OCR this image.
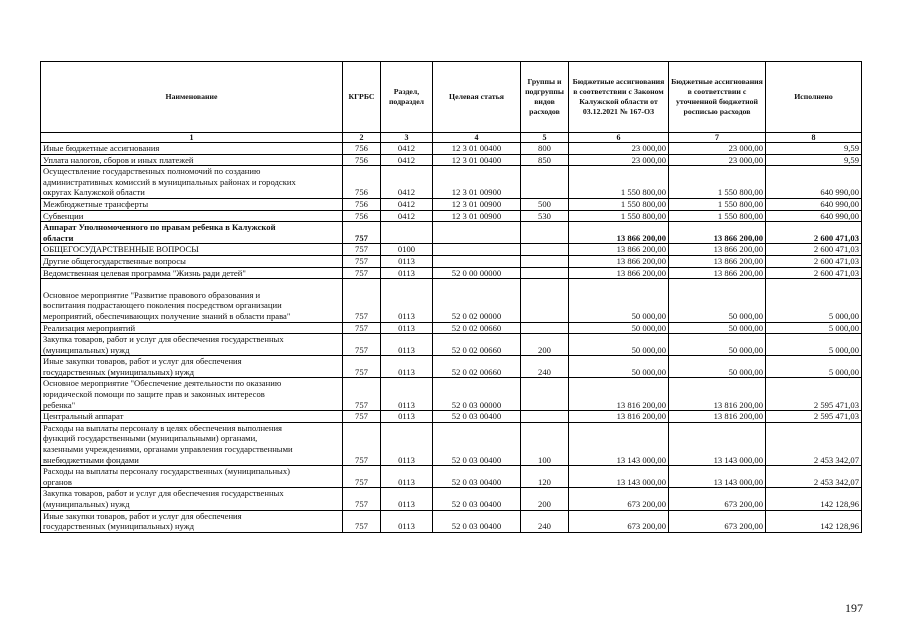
Наименование	КГРБС	Раздел, подраздел	Целевая статья	Группы и подгруппы видов расходов	Бюджетные ассигнования в соответствии с Законом Калужской области от 03.12.2021 № 167-ОЗ	Бюджетные ассигнования в соответствии с уточненной бюджетной росписью расходов	Исполнено
1	2	3	4	5	6	7	8
Иные бюджетные ассигнования	756	0412	12 3 01 00400	800	23 000,00	23 000,00	9,59
Уплата налогов, сборов и иных платежей	756	0412	12 3 01 00400	850	23 000,00	23 000,00	9,59
Осуществление государственных полномочий по созданию
административных комиссий в муниципальных районах и городских
округах Калужской области	756	0412	12 3 01 00900		1 550 800,00	1 550 800,00	640 990,00
Межбюджетные трансферты	756	0412	12 3 01 00900	500	1 550 800,00	1 550 800,00	640 990,00
Субвенции	756	0412	12 3 01 00900	530	1 550 800,00	1 550 800,00	640 990,00
Аппарат Уполномоченного по правам ребенка в Калужской
области	757				13 866 200,00	13 866 200,00	2 600 471,03
ОБЩЕГОСУДАРСТВЕННЫЕ ВОПРОСЫ	757	0100			13 866 200,00	13 866 200,00	2 600 471,03
Другие общегосударственные вопросы	757	0113			13 866 200,00	13 866 200,00	2 600 471,03
Ведомственная целевая программа "Жизнь ради детей"	757	0113	52 0 00 00000		13 866 200,00	13 866 200,00	2 600 471,03

Основное мероприятие "Развитие правового образования и
воспитания подрастающего поколения посредством организации
мероприятий, обеспечивающих получение знаний в области права"	757	0113	52 0 02 00000		50 000,00	50 000,00	5 000,00
Реализация мероприятий	757	0113	52 0 02 00660		50 000,00	50 000,00	5 000,00
Закупка товаров, работ и услуг для обеспечения государственных
(муниципальных) нужд	757	0113	52 0 02 00660	200	50 000,00	50 000,00	5 000,00
Иные закупки товаров, работ и услуг для обеспечения
государственных (муниципальных) нужд	757	0113	52 0 02 00660	240	50 000,00	50 000,00	5 000,00
Основное мероприятие "Обеспечение деятельности по оказанию
юридической помощи по защите прав и законных интересов
ребенка"	757	0113	52 0 03 00000		13 816 200,00	13 816 200,00	2 595 471,03
Центральный аппарат	757	0113	52 0 03 00400		13 816 200,00	13 816 200,00	2 595 471,03
Расходы на выплаты персоналу в целях обеспечения выполнения
функций государственными (муниципальными) органами,
казенными учреждениями, органами управления государственными
внебюджетными фондами	757	0113	52 0 03 00400	100	13 143 000,00	13 143 000,00	2 453 342,07
Расходы на выплаты персоналу государственных (муниципальных)
органов	757	0113	52 0 03 00400	120	13 143 000,00	13 143 000,00	2 453 342,07
Закупка товаров, работ и услуг для обеспечения государственных
(муниципальных) нужд	757	0113	52 0 03 00400	200	673 200,00	673 200,00	142 128,96
Иные закупки товаров, работ и услуг для обеспечения
государственных (муниципальных) нужд	757	0113	52 0 03 00400	240	673 200,00	673 200,00	142 128,96
197
